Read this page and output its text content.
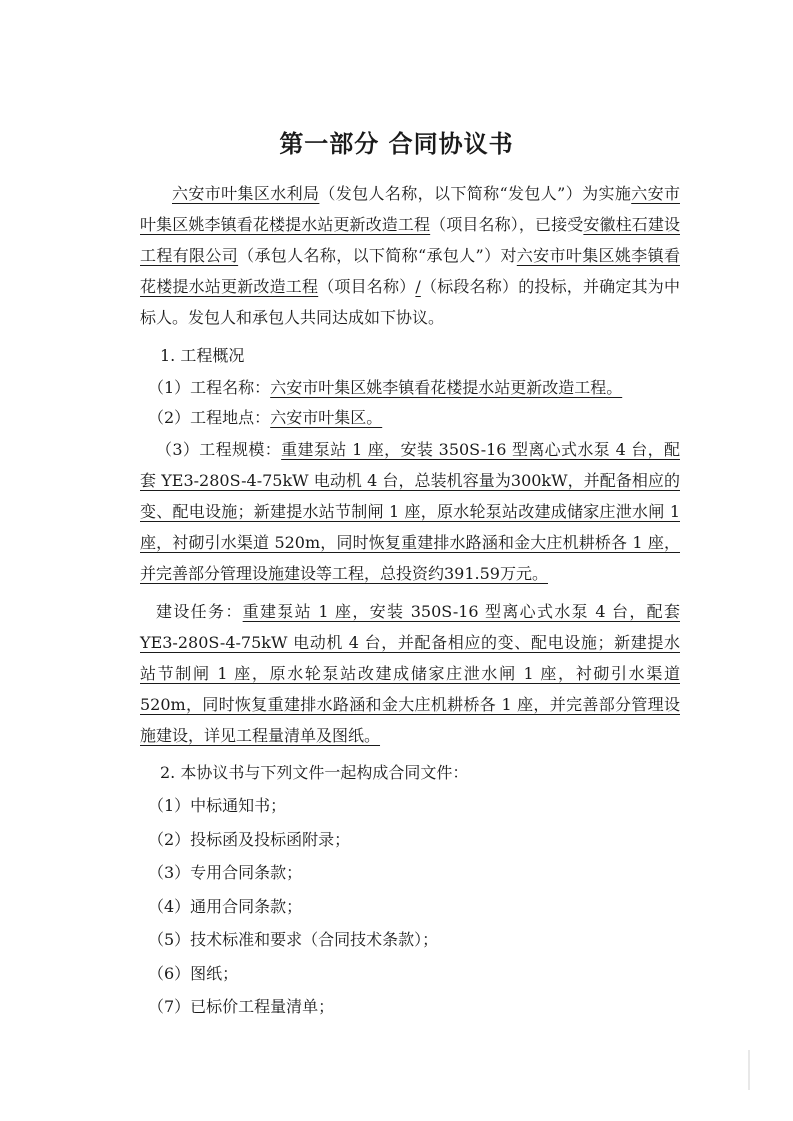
第一部分 合同协议书
六安市叶集区水利局（发包人名称，以下简称“发包人”）为实施六安市叶集区姚李镇看花楼提水站更新改造工程（项目名称），已接受安徽柱石建设工程有限公司（承包人名称，以下简称“承包人”）对六安市叶集区姚李镇看花楼提水站更新改造工程（项目名称）/（标段名称）的投标，并确定其为中标人。发包人和承包人共同达成如下协议。
1. 工程概况
（1）工程名称：六安市叶集区姚李镇看花楼提水站更新改造工程。
（2）工程地点：六安市叶集区。
（3）工程规模：重建泵站 1 座，安装 350S-16 型离心式水泵 4 台，配套 YE3-280S-4-75kW 电动机 4 台，总装机容量为300kW，并配备相应的变、配电设施；新建提水站节制闸 1 座，原水轮泵站改建成储家庄泄水闸 1 座，衬砌引水渠道 520m，同时恢复重建排水路涵和金大庄机耕桥各 1 座，并完善部分管理设施建设等工程，总投资约391.59万元。
建设任务：重建泵站 1 座，安装 350S-16 型离心式水泵 4 台，配套 YE3-280S-4-75kW 电动机 4 台，并配备相应的变、配电设施；新建提水站节制闸 1 座，原水轮泵站改建成储家庄泄水闸 1 座，衬砌引水渠道 520m，同时恢复重建排水路涵和金大庄机耕桥各 1 座，并完善部分管理设施建设，详见工程量清单及图纸。
2. 本协议书与下列文件一起构成合同文件：
（1）中标通知书；
（2）投标函及投标函附录；
（3）专用合同条款；
（4）通用合同条款；
（5）技术标准和要求（合同技术条款）；
（6）图纸；
（7）已标价工程量清单；
